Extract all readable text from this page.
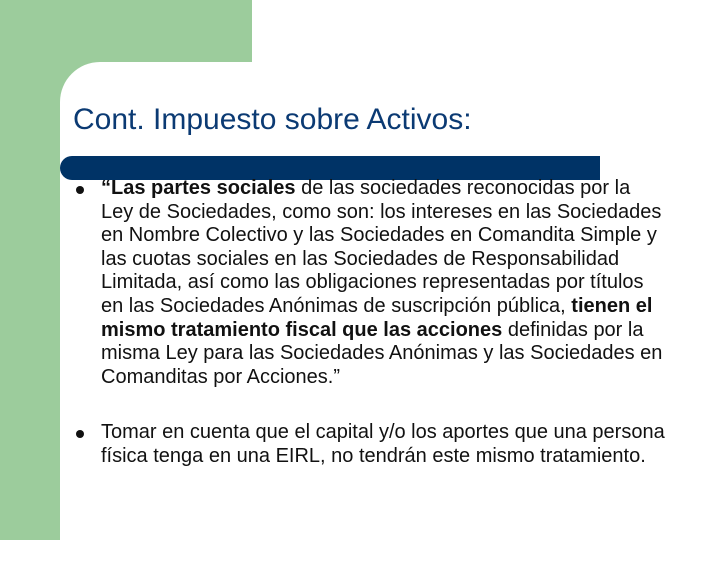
Cont. Impuesto sobre Activos:
“Las partes sociales de las sociedades reconocidas por la Ley de Sociedades, como son: los intereses en las Sociedades en Nombre Colectivo y las Sociedades en Comandita Simple y las cuotas sociales en las Sociedades de Responsabilidad Limitada, así como las obligaciones representadas por títulos en las Sociedades Anónimas de suscripción pública, tienen el mismo tratamiento fiscal que las acciones definidas por la misma Ley para las Sociedades Anónimas y las Sociedades en Comanditas por Acciones.”
Tomar en cuenta que el capital y/o los aportes que una persona física tenga en una EIRL, no tendrán este mismo tratamiento.
